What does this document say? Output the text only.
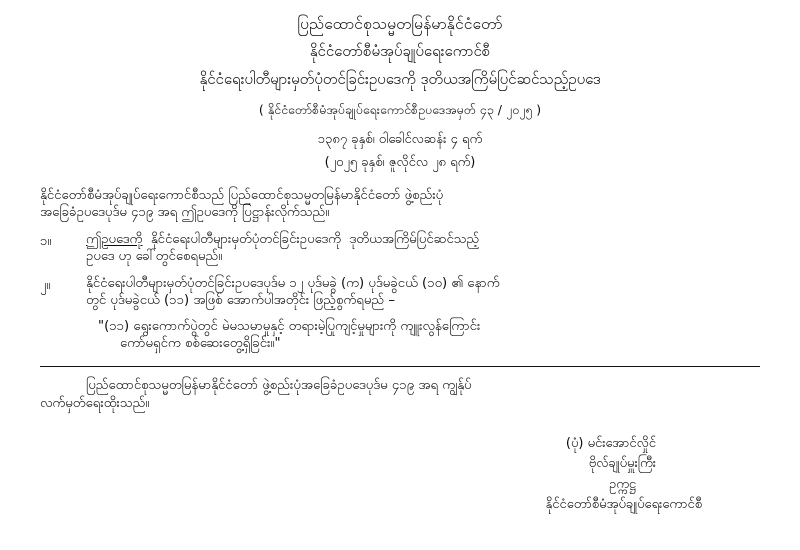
ပြည်ထောင်စုသမ္မတမြန်မာနိုင်ငံတော်
နိုင်ငံတော်စီမံအုပ်ချုပ်ရေးကောင်စီ
နိုင်ငံရေးပါတီများမှတ်ပုံတင်ခြင်းဥပဒေကို ဒုတိယအကြိမ်ပြင်ဆင်သည့်ဥပဒေ
( နိုင်ငံတော်စီမံအုပ်ချုပ်ရေးကောင်စီဥပဒေအမှတ် ၄၃ / ၂၀၂၅ )
၁၃၈၇ ခုနှစ်၊ ဝါခေါင်လဆန်း ၄ ရက်
(၂၀၂၅ ခုနှစ်၊ ဇူလိုင်လ ၂၈ ရက်)
နိုင်ငံတော်စီမံအုပ်ချုပ်ရေးကောင်စီသည် ပြည်ထောင်စုသမ္မတမြန်မာနိုင်ငံတော် ဖွဲ့စည်းပုံ
အခြေခံဥပဒေပုဒ်မ ၄၁၉ အရ ဤဥပဒေကို ပြဋ္ဌာန်းလိုက်သည်။
၁။	ဤဥပဒေကို  နိုင်ငံရေးပါတီများမှတ်ပုံတင်ခြင်းဥပဒေကို  ဒုတိယအကြိမ်ပြင်ဆင်သည့်
ဥပဒေ ဟု ခေါ်တွင်စေရမည်။
၂။	နိုင်ငံရေးပါတီများမှတ်ပုံတင်ခြင်းဥပဒေပုဒ်မ ၁၂ ပုဒ်မခွဲ (က) ပုဒ်မခွဲငယ် (၁၀) ၏ နောက်
တွင် ပုဒ်မခွဲငယ် (၁၁) အဖြစ် အောက်ပါအတိုင်း ဖြည့်စွက်ရမည် –
"(၁၁) ရွေးကောက်ပွဲတွင် မဲမသမာမှုနှင့် တရားမဲ့ပြုကျင့်မှုများကို ကျူးလွန်ကြောင်း
ကော်မရှင်က စစ်ဆေးတွေ့ရှိခြင်း။"
ပြည်ထောင်စုသမ္မတမြန်မာနိုင်ငံတော် ဖွဲ့စည်းပုံအခြေခံဥပဒေပုဒ်မ ၄၁၉ အရ ကျွန်ုပ်
လက်မှတ်ရေးထိုးသည်။
(ပုံ) မင်းအောင်လှိုင်
ဗိုလ်ချုပ်မှူးကြီး
ဥက္ကဋ္ဌ
နိုင်ငံတော်စီမံအုပ်ချုပ်ရေးကောင်စီ
